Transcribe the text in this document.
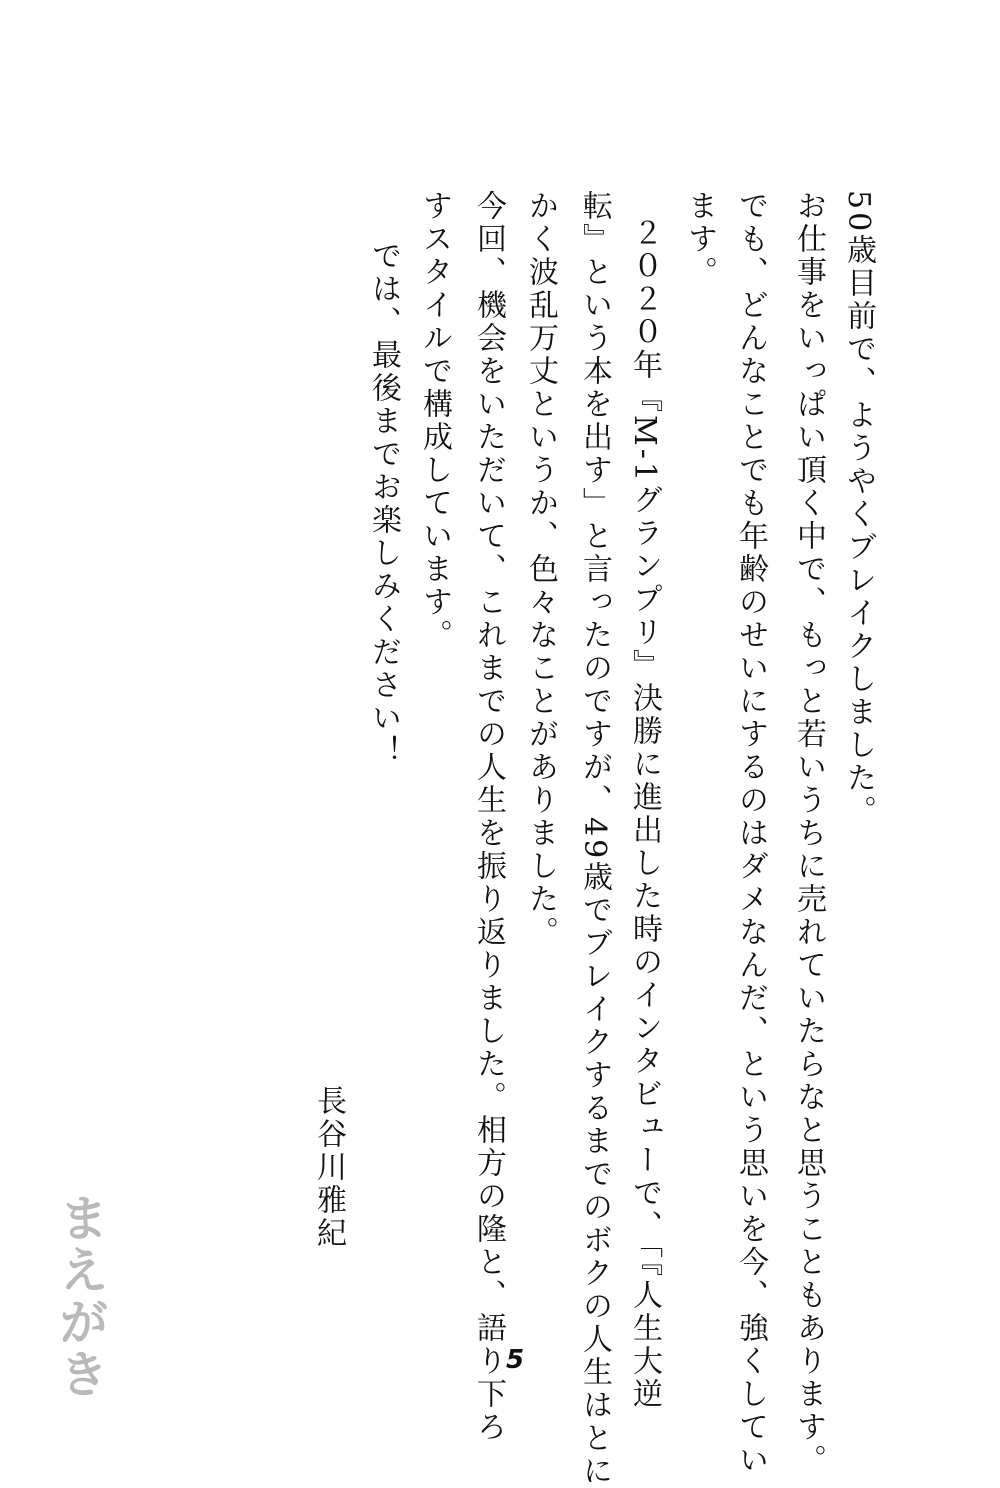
50歳目前で、ようやくブレイクしました。
お仕事をいっぱい頂く中で、もっと若いうちに売れていたらなと思うこともあります。
でも、どんなことでも年齢のせいにするのはダメなんだ、という思いを今、強くしてい
ます。
２０２０年『M-1グランプリ』決勝に進出した時のインタビューで、「『人生大逆
転』という本を出す」と言ったのですが、49歳でブレイクするまでのボクの人生はとに
かく波乱万丈というか、色々なことがありました。
今回、機会をいただいて、これまでの人生を振り返りました。相方の隆と、語り下ろ
すスタイルで構成しています。
では、最後までお楽しみください！
長谷川雅紀
まえがき	5
